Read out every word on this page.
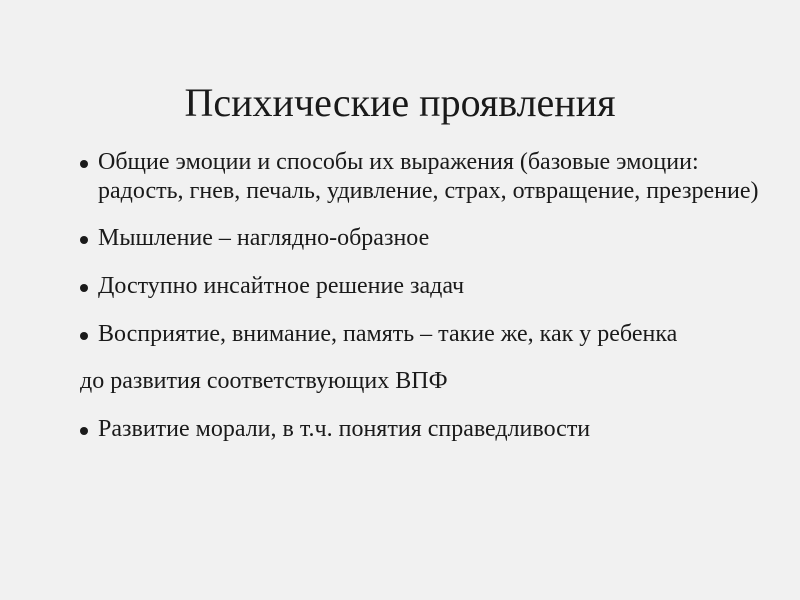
Психические проявления
Общие эмоции и способы их выражения (базовые эмоции: радость, гнев, печаль, удивление, страх, отвращение, презрение)
Мышление – наглядно-образное
Доступно инсайтное решение задач
Восприятие, внимание, память – такие же, как у ребенка
до развития соответствующих ВПФ
Развитие морали, в т.ч. понятия справедливости
